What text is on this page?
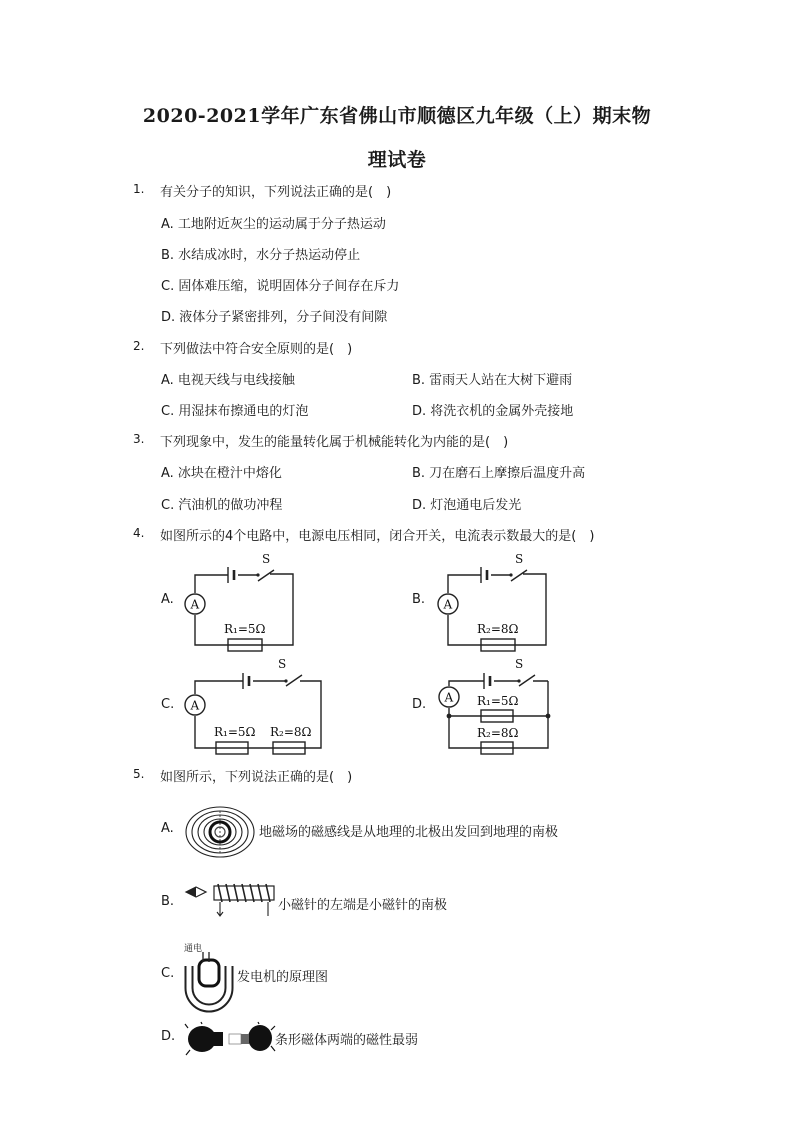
2020-2021学年广东省佛山市顺德区九年级（上）期末物
理试卷
1. 有关分子的知识，下列说法正确的是(　)
A. 工地附近灰尘的运动属于分子热运动
B. 水结成冰时，水分子热运动停止
C. 固体难压缩，说明固体分子间存在斥力
D. 液体分子紧密排列，分子间没有间隙
2. 下列做法中符合安全原则的是(　)
A. 电视天线与电线接触	B. 雷雨天人站在大树下避雨
C. 用湿抹布擦通电的灯泡	D. 将洗衣机的金属外壳接地
3. 下列现象中，发生的能量转化属于机械能转化为内能的是(　)
A. 冰块在橙汁中熔化	B. 刀在磨石上摩擦后温度升高
C. 汽油机的做功冲程	D. 灯泡通电后发光
4. 如图所示的4个电路中，电源电压相同，闭合开关，电流表示数最大的是(　)
A.	B.
C.	D.
A
S
R₁=5Ω
A
S
R₂=8Ω
A
S
R₁=5Ω R₂=8Ω
A
S
R₁=5Ω
R₂=8Ω
5. 如图所示，下列说法正确的是(　)
A.	地磁场的磁感线是从地理的北极出发回到地理的南极
B.	小磁针的左端是小磁针的南极
C.
通电
发电机的原理图
D.	条形磁体两端的磁性最弱
